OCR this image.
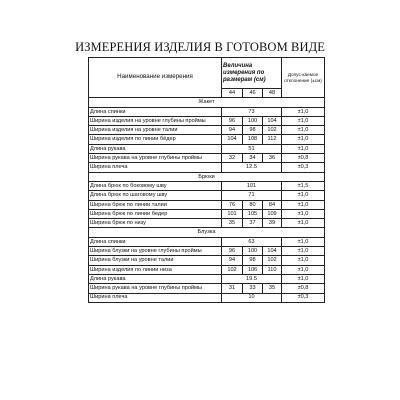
ИЗМЕРЕНИЯ ИЗДЕЛИЯ В ГОТОВОМ ВИДЕ
Наименование измерения	Величина измерения по размерам (см)			Допус-каемое отклонение (±см)
	44	46	48	
Жакет				
Длина спинки	73			±1,0
Ширина изделия на уровне глубины проймы	96	100	104	±1,0
Ширина изделия на уровне талии	94	98	102	±1,0
Ширина изделия по линии бёдер	104	108	112	±1,0
Длина рукава	51			±1,0
Ширина рукава на уровне глубины проймы	32	34	36	±0,8
Ширина плеча	12.5			±0,3
Брюки				
Длина брюк по боковому шву	101			±1,5
Длина брюк по шаговому шву	71			±1,0
Ширина брюк по линии талии	76	80	84	±1,0
Ширина брюк по линии бедер	101	105	109	±1,0
Ширина брюк по низу	35	37	39	±1,0
Блузка				
Длина спинки	63			±1,0
Ширина блузки на уровне глубины проймы	96	100	104	±1,0
Ширина блузки на уровне талии	94	98	102	±1,0
Ширина изделия по линии низа	102	106	110	±1,0
Длина рукава	19.5			±1,0
Ширина рукава на уровне глубины проймы	31	33	35	±0,8
Ширина плеча	10			±0,3
